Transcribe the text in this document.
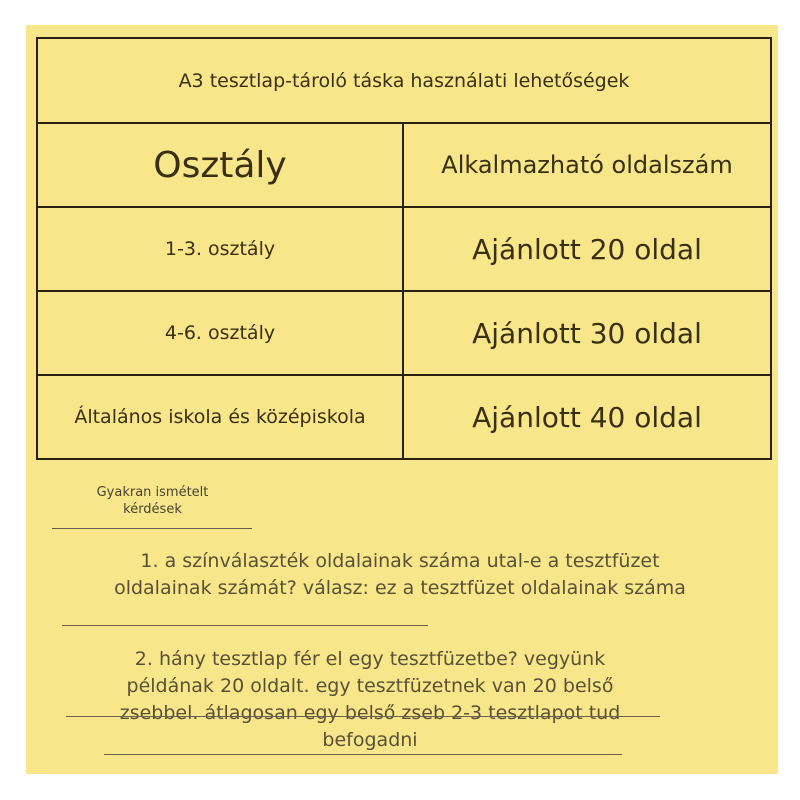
A3 tesztlap-tároló táska használati lehetőségek	
Osztály	Alkalmazható oldalszám
1-3. osztály	Ajánlott 20 oldal
4-6. osztály	Ajánlott 30 oldal
Általános iskola és középiskola	Ajánlott 40 oldal
Gyakran ismételt
kérdések
1. a színválaszték oldalainak száma utal-e a tesztfüzet
oldalainak számát? válasz: ez a tesztfüzet oldalainak száma
2. hány tesztlap fér el egy tesztfüzetbe? vegyünk
példának 20 oldalt. egy tesztfüzetnek van 20 belső
zsebbel. átlagosan egy belső zseb 2-3 tesztlapot tud
befogadni
